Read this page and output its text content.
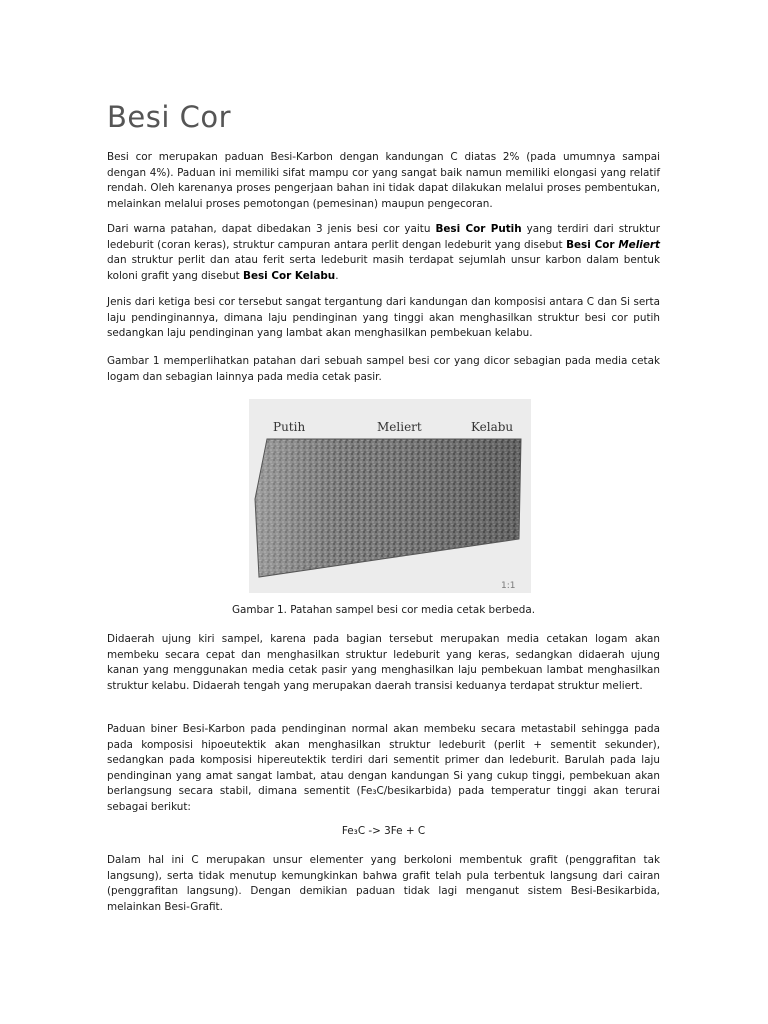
Besi Cor

Besi cor merupakan paduan Besi-Karbon dengan kandungan C diatas 2% (pada umumnya sampai dengan 4%). Paduan ini memiliki sifat mampu cor yang sangat baik namun memiliki elongasi yang relatif rendah. Oleh karenanya proses pengerjaan bahan ini tidak dapat dilakukan melalui proses pembentukan, melainkan melalui proses pemotongan (pemesinan) maupun pengecoran.

Dari warna patahan, dapat dibedakan 3 jenis besi cor yaitu Besi Cor Putih yang terdiri dari struktur ledeburit (coran keras), struktur campuran antara perlit dengan ledeburit yang disebut Besi Cor Meliert dan struktur perlit dan atau ferit serta ledeburit masih terdapat sejumlah unsur karbon dalam bentuk koloni grafit yang disebut Besi Cor Kelabu.

Jenis dari ketiga besi cor tersebut sangat tergantung dari kandungan dan komposisi antara C dan Si serta laju pendinginannya, dimana laju pendinginan yang tinggi akan menghasilkan struktur besi cor putih sedangkan laju pendinginan yang lambat akan menghasilkan pembekuan kelabu.

Gambar 1 memperlihatkan patahan dari sebuah sampel besi cor yang dicor sebagian pada media cetak logam dan sebagian lainnya pada media cetak pasir.

Putih	Meliert	Kelabu
1:1

Gambar 1. Patahan sampel besi cor media cetak berbeda.

Didaerah ujung kiri sampel, karena pada bagian tersebut merupakan media cetakan logam akan membeku secara cepat dan menghasilkan struktur ledeburit yang keras, sedangkan didaerah ujung kanan yang menggunakan media cetak pasir yang menghasilkan laju pembekuan lambat menghasilkan struktur kelabu. Didaerah tengah yang merupakan daerah transisi keduanya terdapat struktur meliert.

Paduan biner Besi-Karbon pada pendinginan normal akan membeku secara metastabil sehingga pada pada komposisi hipoeutektik akan menghasilkan struktur ledeburit (perlit + sementit sekunder), sedangkan pada komposisi hipereutektik terdiri dari sementit primer dan ledeburit. Barulah pada laju pendinginan yang amat sangat lambat, atau dengan kandungan Si yang cukup tinggi, pembekuan akan berlangsung secara stabil, dimana sementit (Fe₃C/besikarbida) pada temperatur tinggi akan terurai sebagai berikut:

Fe₃C -> 3Fe + C

Dalam hal ini C merupakan unsur elementer yang berkoloni membentuk grafit (penggrafitan tak langsung), serta tidak menutup kemungkinkan bahwa grafit telah pula terbentuk langsung dari cairan (penggrafitan langsung). Dengan demikian paduan tidak lagi menganut sistem Besi-Besikarbida, melainkan Besi-Grafit.
